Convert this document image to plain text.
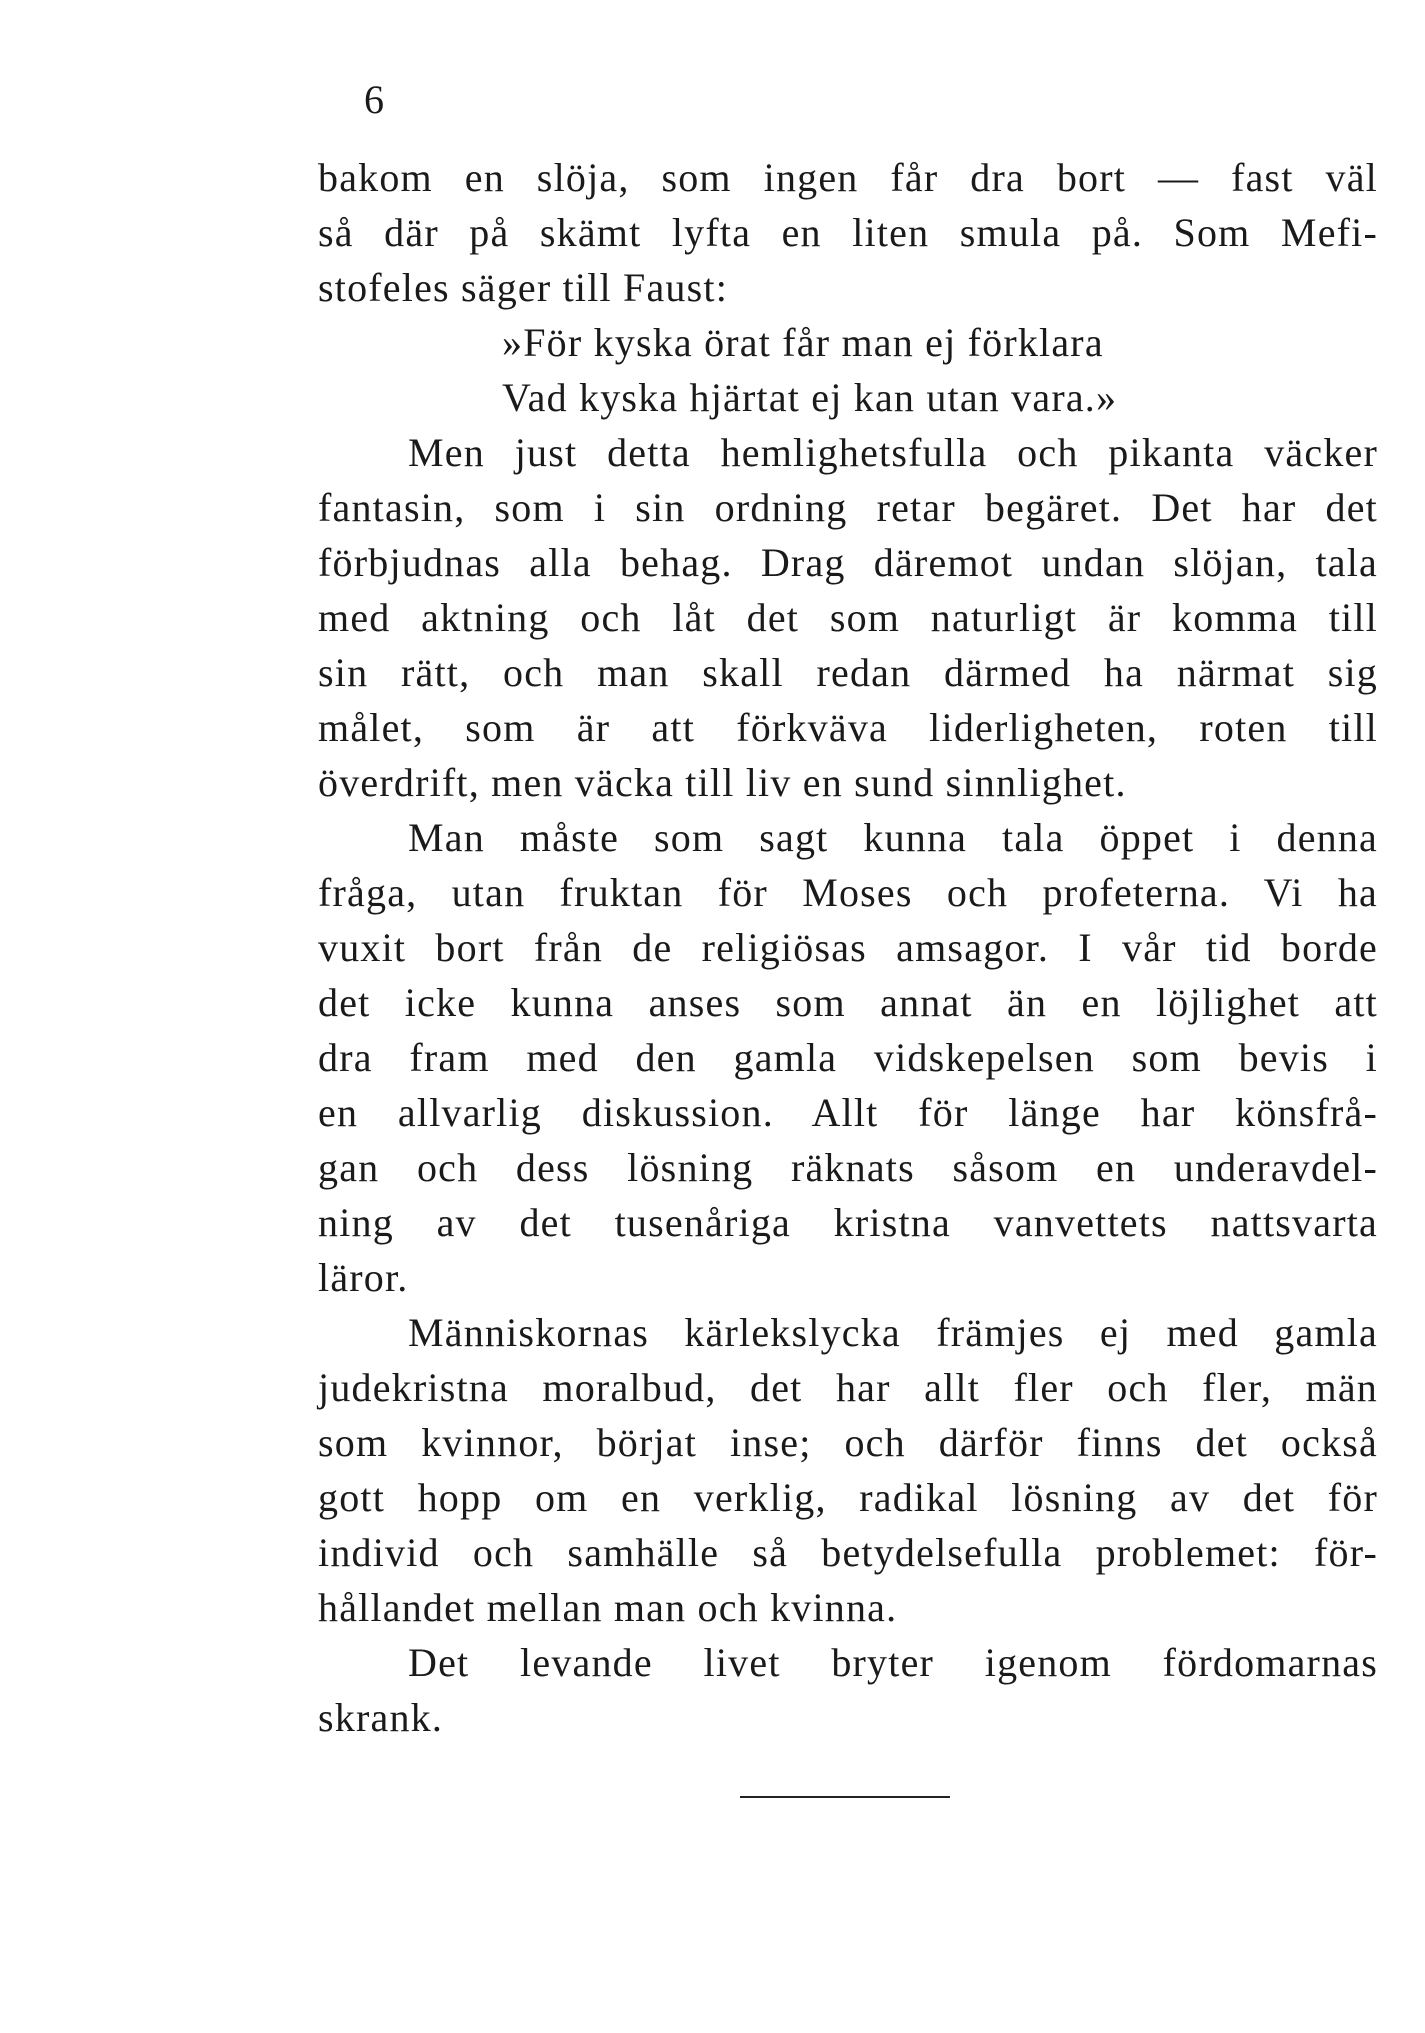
6
bakom en slöja, som ingen får dra bort — fast väl
så där på skämt lyfta en liten smula på. Som Mefi-
stofeles säger till Faust:
»För kyska örat får man ej förklara
Vad kyska hjärtat ej kan utan vara.»
Men just detta hemlighetsfulla och pikanta väcker
fantasin, som i sin ordning retar begäret. Det har det
förbjudnas alla behag. Drag däremot undan slöjan, tala
med aktning och låt det som naturligt är komma till
sin rätt, och man skall redan därmed ha närmat sig
målet, som är att förkväva liderligheten, roten till
överdrift, men väcka till liv en sund sinnlighet.
Man måste som sagt kunna tala öppet i denna
fråga, utan fruktan för Moses och profeterna. Vi ha
vuxit bort från de religiösas amsagor. I vår tid borde
det icke kunna anses som annat än en löjlighet att
dra fram med den gamla vidskepelsen som bevis i
en allvarlig diskussion. Allt för länge har könsfrå-
gan och dess lösning räknats såsom en underavdel-
ning av det tusenåriga kristna vanvettets nattsvarta
läror.
Människornas kärlekslycka främjes ej med gamla
judekristna moralbud, det har allt fler och fler, män
som kvinnor, börjat inse; och därför finns det också
gott hopp om en verklig, radikal lösning av det för
individ och samhälle så betydelsefulla problemet: för-
hållandet mellan man och kvinna.
Det levande livet bryter igenom fördomarnas
skrank.
